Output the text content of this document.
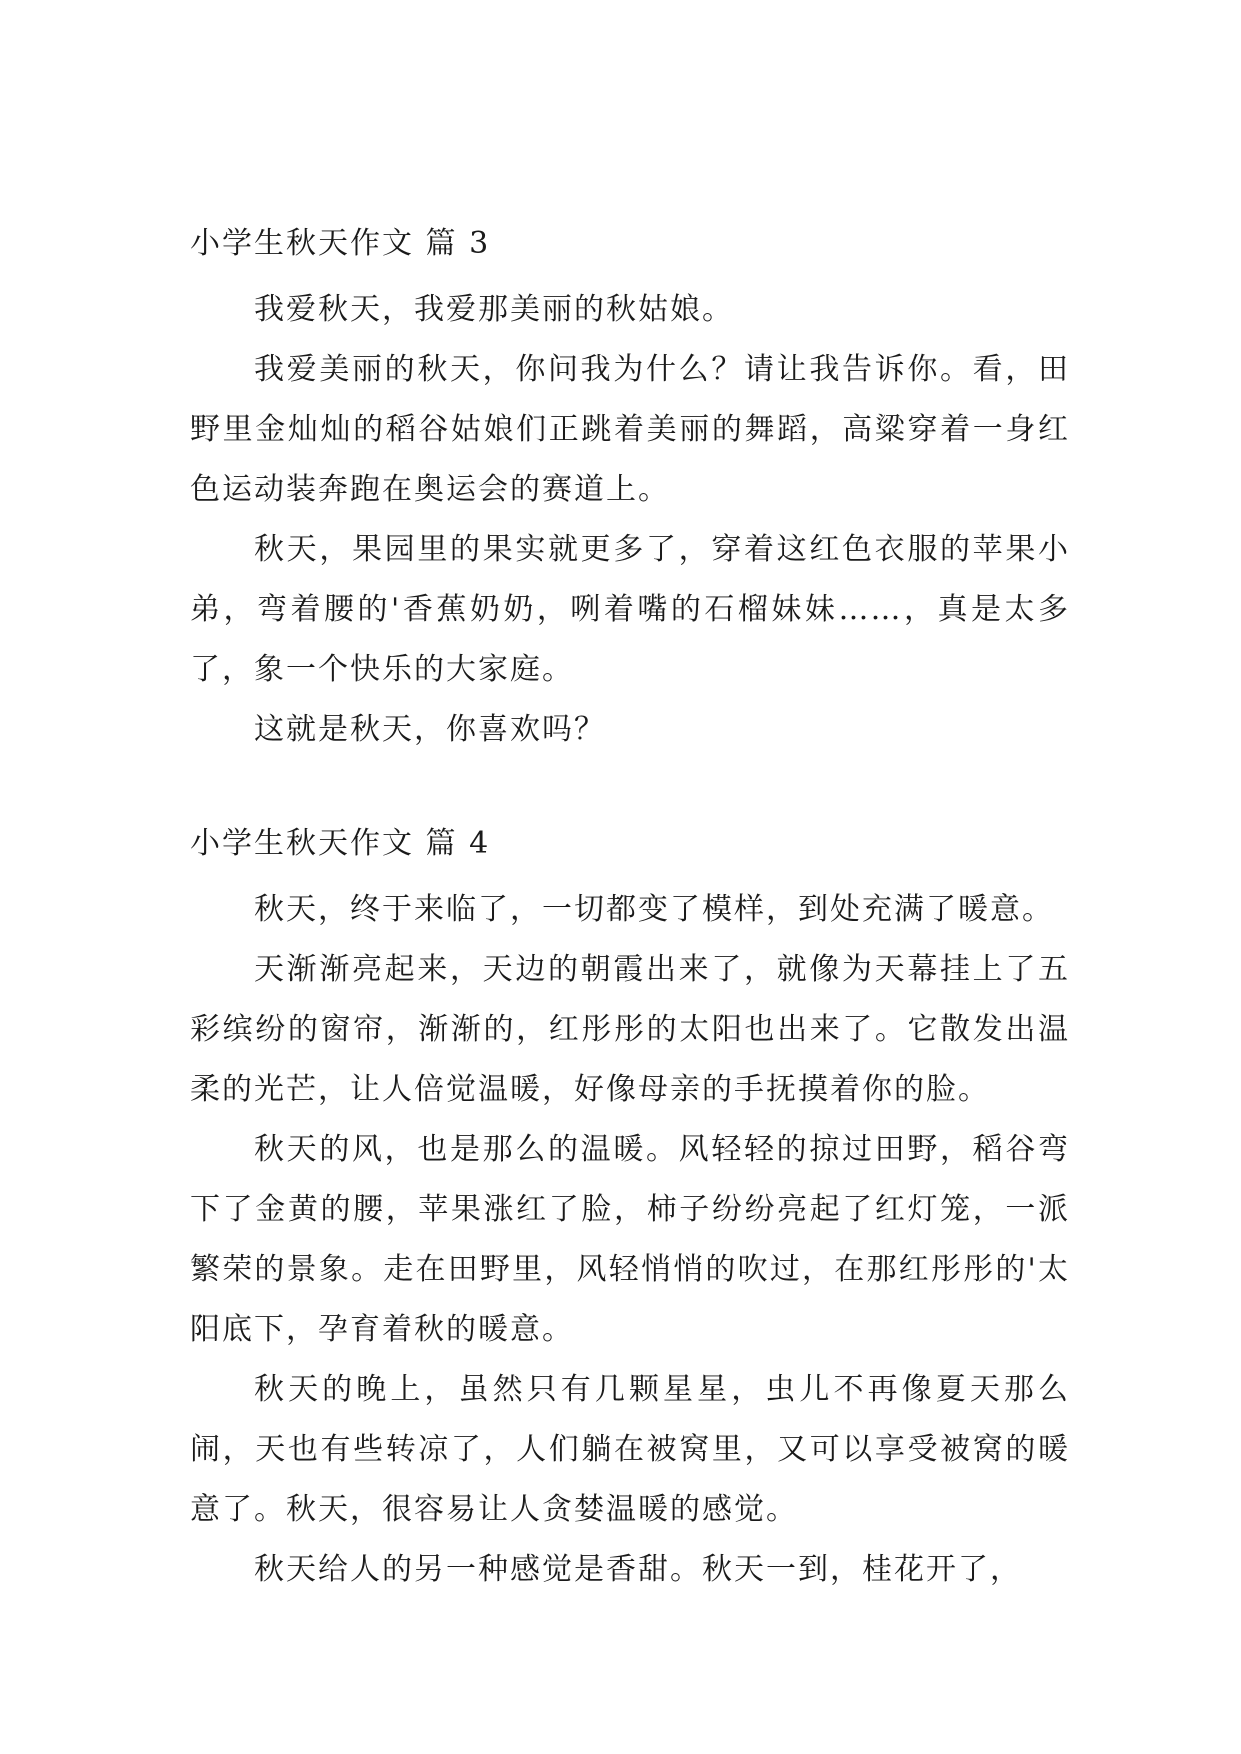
小学生秋天作文 篇 3

我爱秋天，我爱那美丽的秋姑娘。

我爱美丽的秋天，你问我为什么？请让我告诉你。看，田野里金灿灿的稻谷姑娘们正跳着美丽的舞蹈，高粱穿着一身红色运动装奔跑在奥运会的赛道上。

秋天，果园里的果实就更多了，穿着这红色衣服的苹果小弟，弯着腰的'香蕉奶奶，咧着嘴的石榴妹妹……，真是太多了，象一个快乐的大家庭。

这就是秋天，你喜欢吗？

小学生秋天作文 篇 4

秋天，终于来临了，一切都变了模样，到处充满了暖意。

天渐渐亮起来，天边的朝霞出来了，就像为天幕挂上了五彩缤纷的窗帘，渐渐的，红彤彤的太阳也出来了。它散发出温柔的光芒，让人倍觉温暖，好像母亲的手抚摸着你的脸。

秋天的风，也是那么的温暖。风轻轻的掠过田野，稻谷弯下了金黄的腰，苹果涨红了脸，柿子纷纷亮起了红灯笼，一派繁荣的景象。走在田野里，风轻悄悄的吹过，在那红彤彤的'太阳底下，孕育着秋的暖意。

秋天的晚上，虽然只有几颗星星，虫儿不再像夏天那么闹，天也有些转凉了，人们躺在被窝里，又可以享受被窝的暖意了。秋天，很容易让人贪婪温暖的感觉。

秋天给人的另一种感觉是香甜。秋天一到，桂花开了，
